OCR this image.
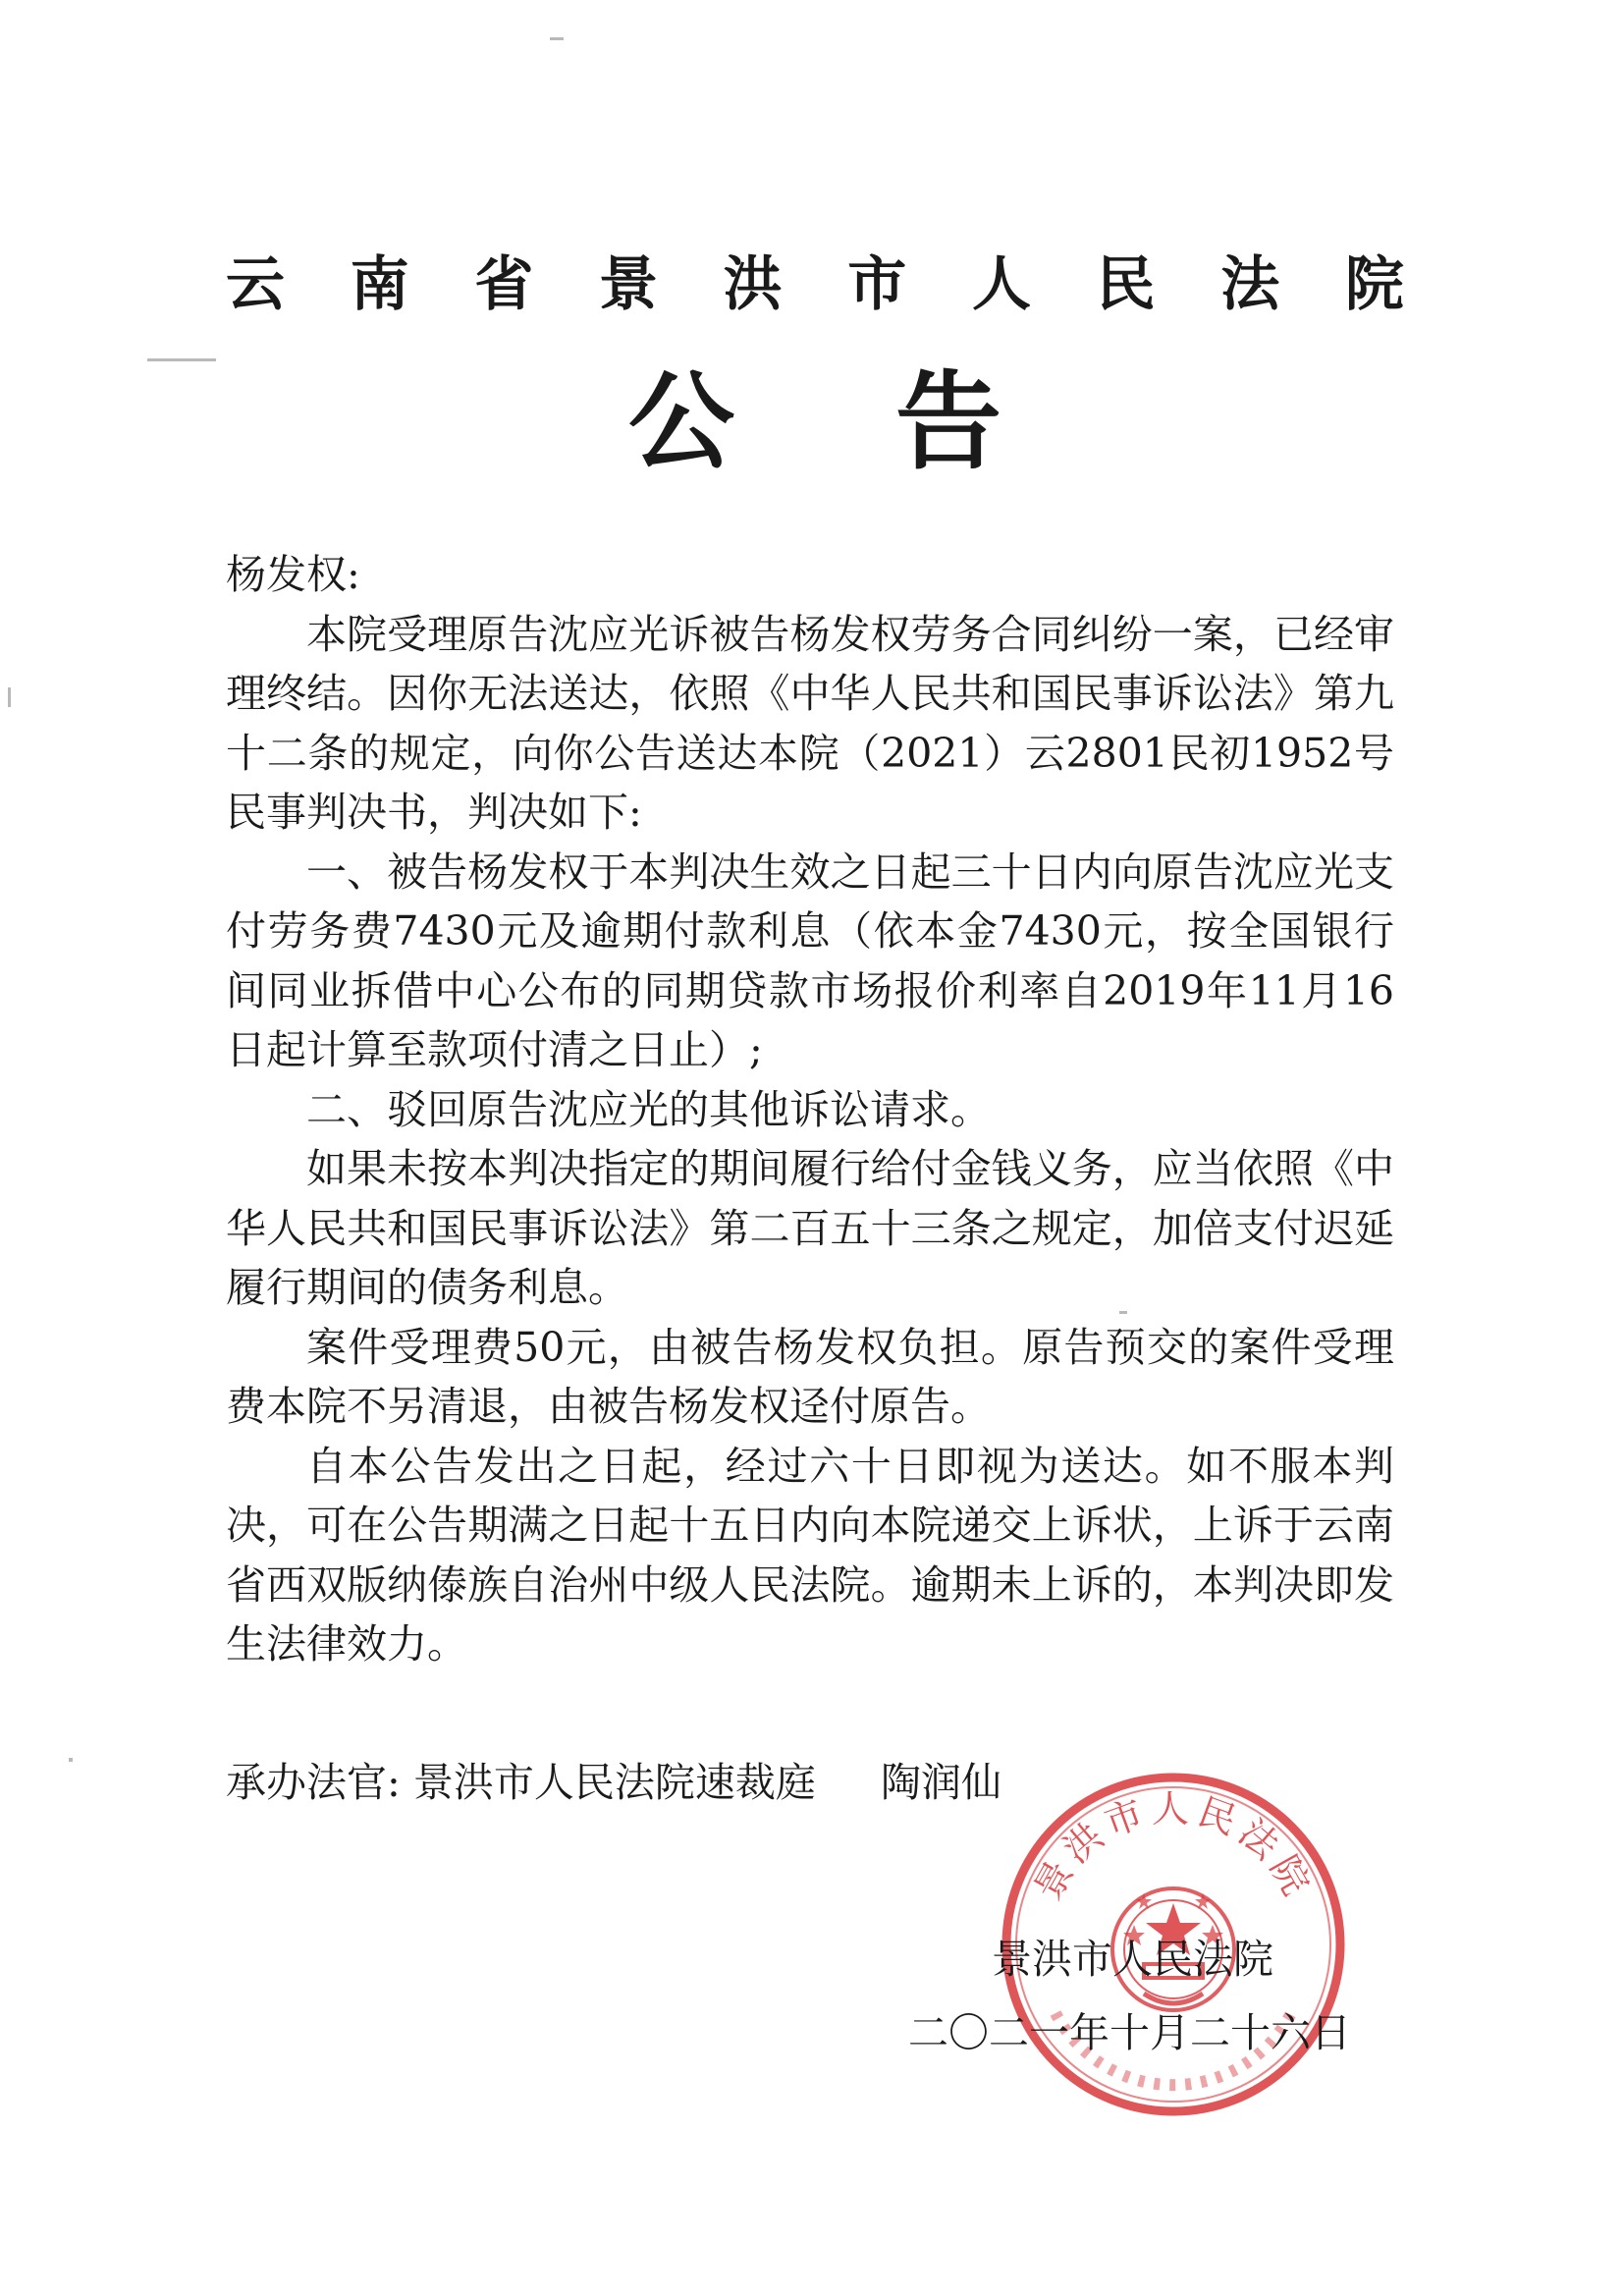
云 南 省 景 洪 市 人 民 法 院
公 告

杨发权:

本院受理原告沈应光诉被告杨发权劳务合同纠纷一案，已经审理终结。因你无法送达，依照《中华人民共和国民事诉讼法》第九十二条的规定，向你公告送达本院（2021）云2801民初1952号民事判决书，判决如下:

一、被告杨发权于本判决生效之日起三十日内向原告沈应光支付劳务费7430元及逾期付款利息（依本金7430元，按全国银行间同业拆借中心公布的同期贷款市场报价利率自2019年11月16日起计算至款项付清之日止）;

二、驳回原告沈应光的其他诉讼请求。

如果未按本判决指定的期间履行给付金钱义务，应当依照《中华人民共和国民事诉讼法》第二百五十三条之规定，加倍支付迟延履行期间的债务利息。

案件受理费50元，由被告杨发权负担。原告预交的案件受理费本院不另清退，由被告杨发权迳付原告。

自本公告发出之日起，经过六十日即视为送达。如不服本判决，可在公告期满之日起十五日内向本院递交上诉状，上诉于云南省西双版纳傣族自治州中级人民法院。逾期未上诉的，本判决即发生法律效力。

承办法官: 景洪市人民法院速裁庭 陶润仙
景洪市人民法院
景洪市人民法院
二〇二一年十月二十六日
